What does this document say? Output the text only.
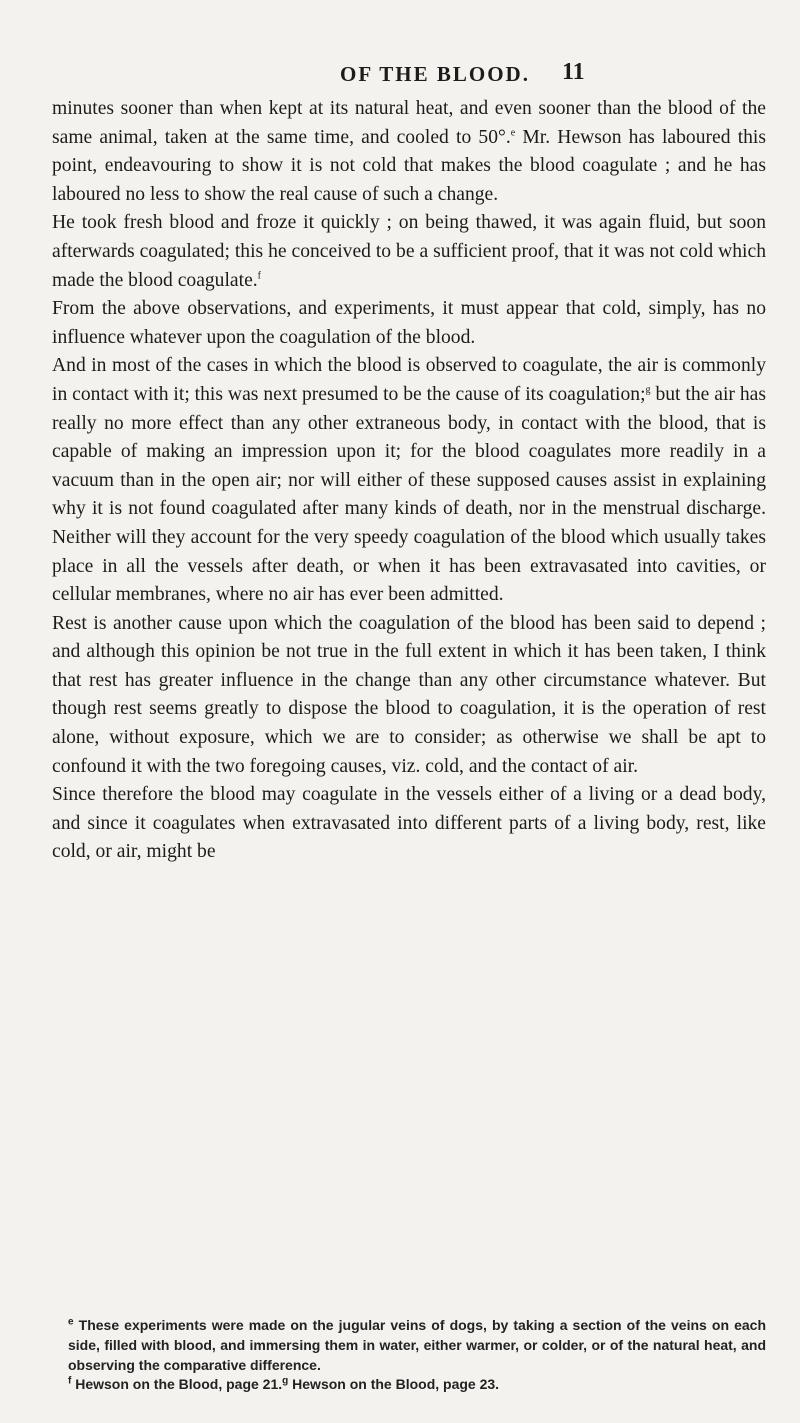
OF THE BLOOD. 11

minutes sooner than when kept at its natural heat, and even sooner than the blood of the same animal, taken at the same time, and cooled to 50°.$^e$ Mr. Hewson has laboured this point, endeavouring to show it is not cold that makes the blood coagulate ; and he has laboured no less to show the real cause of such a change.

He took fresh blood and froze it quickly ; on being thawed, it was again fluid, but soon afterwards coagulated; this he conceived to be a sufficient proof, that it was not cold which made the blood coagulate.$^f$

From the above observations, and experiments, it must appear that cold, simply, has no influence whatever upon the coagulation of the blood.

And in most of the cases in which the blood is observed to coagulate, the air is commonly in contact with it; this was next presumed to be the cause of its coagulation;$^g$ but the air has really no more effect than any other extraneous body, in contact with the blood, that is capable of making an impression upon it; for the blood coagulates more readily in a vacuum than in the open air; nor will either of these supposed causes assist in explaining why it is not found coagulated after many kinds of death, nor in the menstrual discharge. Neither will they account for the very speedy coagulation of the blood which usually takes place in all the vessels after death, or when it has been extravasated into cavities, or cellular membranes, where no air has ever been admitted.

Rest is another cause upon which the coagulation of the blood has been said to depend ; and although this opinion be not true in the full extent in which it has been taken, I think that rest has greater influence in the change than any other circumstance whatever. But though rest seems greatly to dispose the blood to coagulation, it is the operation of rest alone, without exposure, which we are to consider; as otherwise we shall be apt to confound it with the two foregoing causes, viz. cold, and the contact of air.

Since therefore the blood may coagulate in the vessels either of a living or a dead body, and since it coagulates when extravasated into different parts of a living body, rest, like cold, or air, might be

$^e$ These experiments were made on the jugular veins of dogs, by taking a section of the veins on each side, filled with blood, and immersing them in water, either warmer, or colder, or of the natural heat, and observing the comparative difference.

$^f$ Hewson on the Blood, page 21.$^g$ Hewson on the Blood, page 23.
